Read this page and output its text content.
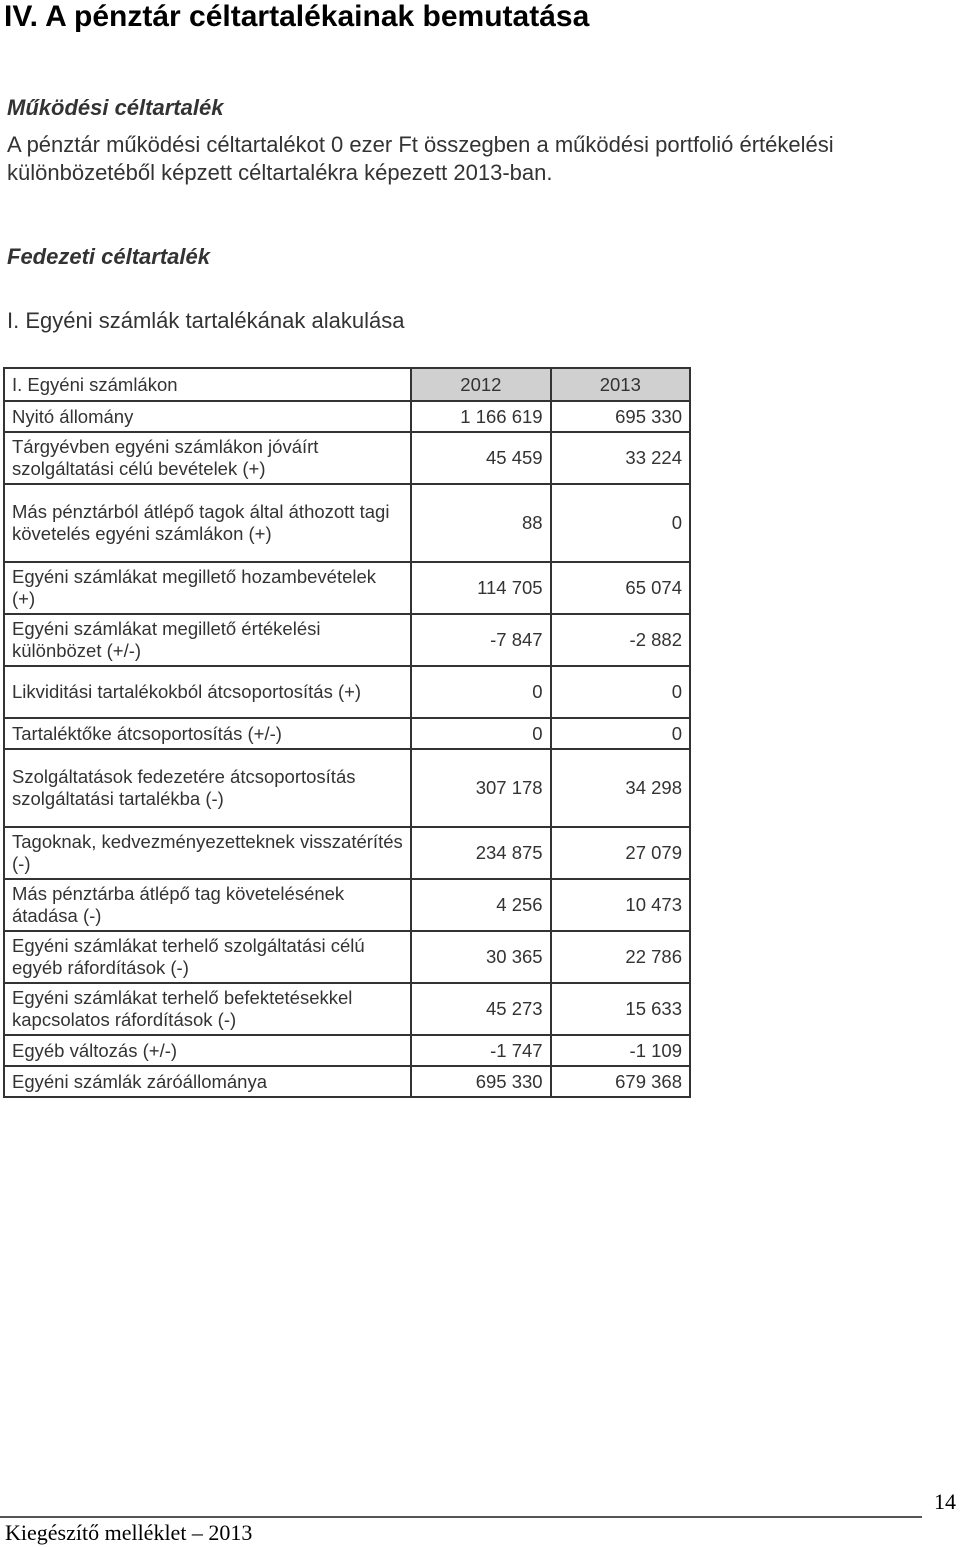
IV. A pénztár céltartalékainak bemutatása
Működési céltartalék
A pénztár működési céltartalékot 0 ezer Ft összegben a működési portfolió értékelési különbözetéből képzett céltartalékra képezett 2013-ban.
Fedezeti céltartalék
I. Egyéni számlák tartalékának alakulása
I. Egyéni számlákon	2012	2013
Nyitó állomány	1 166 619	695 330
Tárgyévben egyéni számlákon jóváírt szolgáltatási célú bevételek (+)	45 459	33 224
Más pénztárból átlépő tagok által áthozott tagi követelés egyéni számlákon (+)	88	0
Egyéni számlákat megillető hozambevételek (+)	114 705	65 074
Egyéni számlákat megillető értékelési különbözet (+/-)	-7 847	-2 882
Likviditási tartalékokból átcsoportosítás (+)	0	0
Tartaléktőke átcsoportosítás (+/-)	0	0
Szolgáltatások fedezetére átcsoportosítás szolgáltatási tartalékba (-)	307 178	34 298
Tagoknak, kedvezményezetteknek visszatérítés (-)	234 875	27 079
Más pénztárba átlépő tag követelésének átadása (-)	4 256	10 473
Egyéni számlákat terhelő szolgáltatási célú egyéb ráfordítások (-)	30 365	22 786
Egyéni számlákat terhelő befektetésekkel kapcsolatos ráfordítások (-)	45 273	15 633
Egyéb változás (+/-)	-1 747	-1 109
Egyéni számlák záróállománya	695 330	679 368
14
Kiegészítő melléklet – 2013
